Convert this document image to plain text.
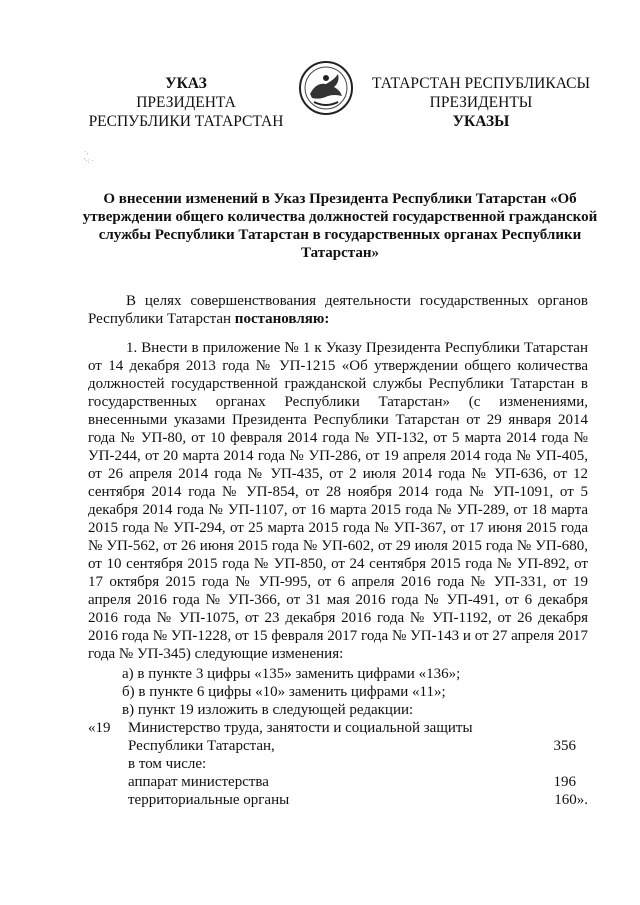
УКАЗ
ПРЕЗИДЕНТА
РЕСПУБЛИКИ ТАТАРСТАН
ТАТАРСТАН РЕСПУБЛИКАСЫ
ПРЕЗИДЕНТЫ
УКАЗЫ
·,
'·: ·
О внесении изменений в Указ Президента Республики Татарстан «Об утверждении общего количества должностей государственной гражданской службы Республики Татарстан в государственных органах Республики Татарстан»
В целях совершенствования деятельности государственных органов Республики Татарстан постановляю:
1. Внести в приложение № 1 к Указу Президента Республики Татарстан от 14 декабря 2013 года № УП-1215 «Об утверждении общего количества должностей государственной гражданской службы Республики Татарстан в государственных органах Республики Татарстан» (с изменениями, внесенными указами Президента Республики Татарстан от 29 января 2014 года № УП-80, от 10 февраля 2014 года № УП-132, от 5 марта 2014 года № УП-244, от 20 марта 2014 года № УП-286, от 19 апреля 2014 года № УП-405, от 26 апреля 2014 года № УП-435, от 2 июля 2014 года № УП-636, от 12 сентября 2014 года № УП-854, от 28 ноября 2014 года № УП-1091, от 5 декабря 2014 года № УП-1107, от 16 марта 2015 года № УП-289, от 18 марта 2015 года № УП-294, от 25 марта 2015 года № УП-367, от 17 июня 2015 года № УП-562, от 26 июня 2015 года № УП-602, от 29 июля 2015 года № УП-680, от 10 сентября 2015 года № УП-850, от 24 сентября 2015 года № УП-892, от 17 октября 2015 года № УП-995, от 6 апреля 2016 года № УП-331, от 19 апреля 2016 года № УП-366, от 31 мая 2016 года № УП-491, от 6 декабря 2016 года № УП-1075, от 23 декабря 2016 года № УП-1192, от 26 декабря 2016 года № УП-1228, от 15 февраля 2017 года № УП-143 и от 27 апреля 2017 года № УП-345) следующие изменения:
а) в пункте 3 цифры «135» заменить цифрами «136»;
б) в пункте 6 цифры «10» заменить цифрами «11»;
в) пункт 19 изложить в следующей редакции:
«19 Министерство труда, занятости и социальной защиты
Республики Татарстан,	356
в том числе:
аппарат министерства	196
территориальные органы	160».
